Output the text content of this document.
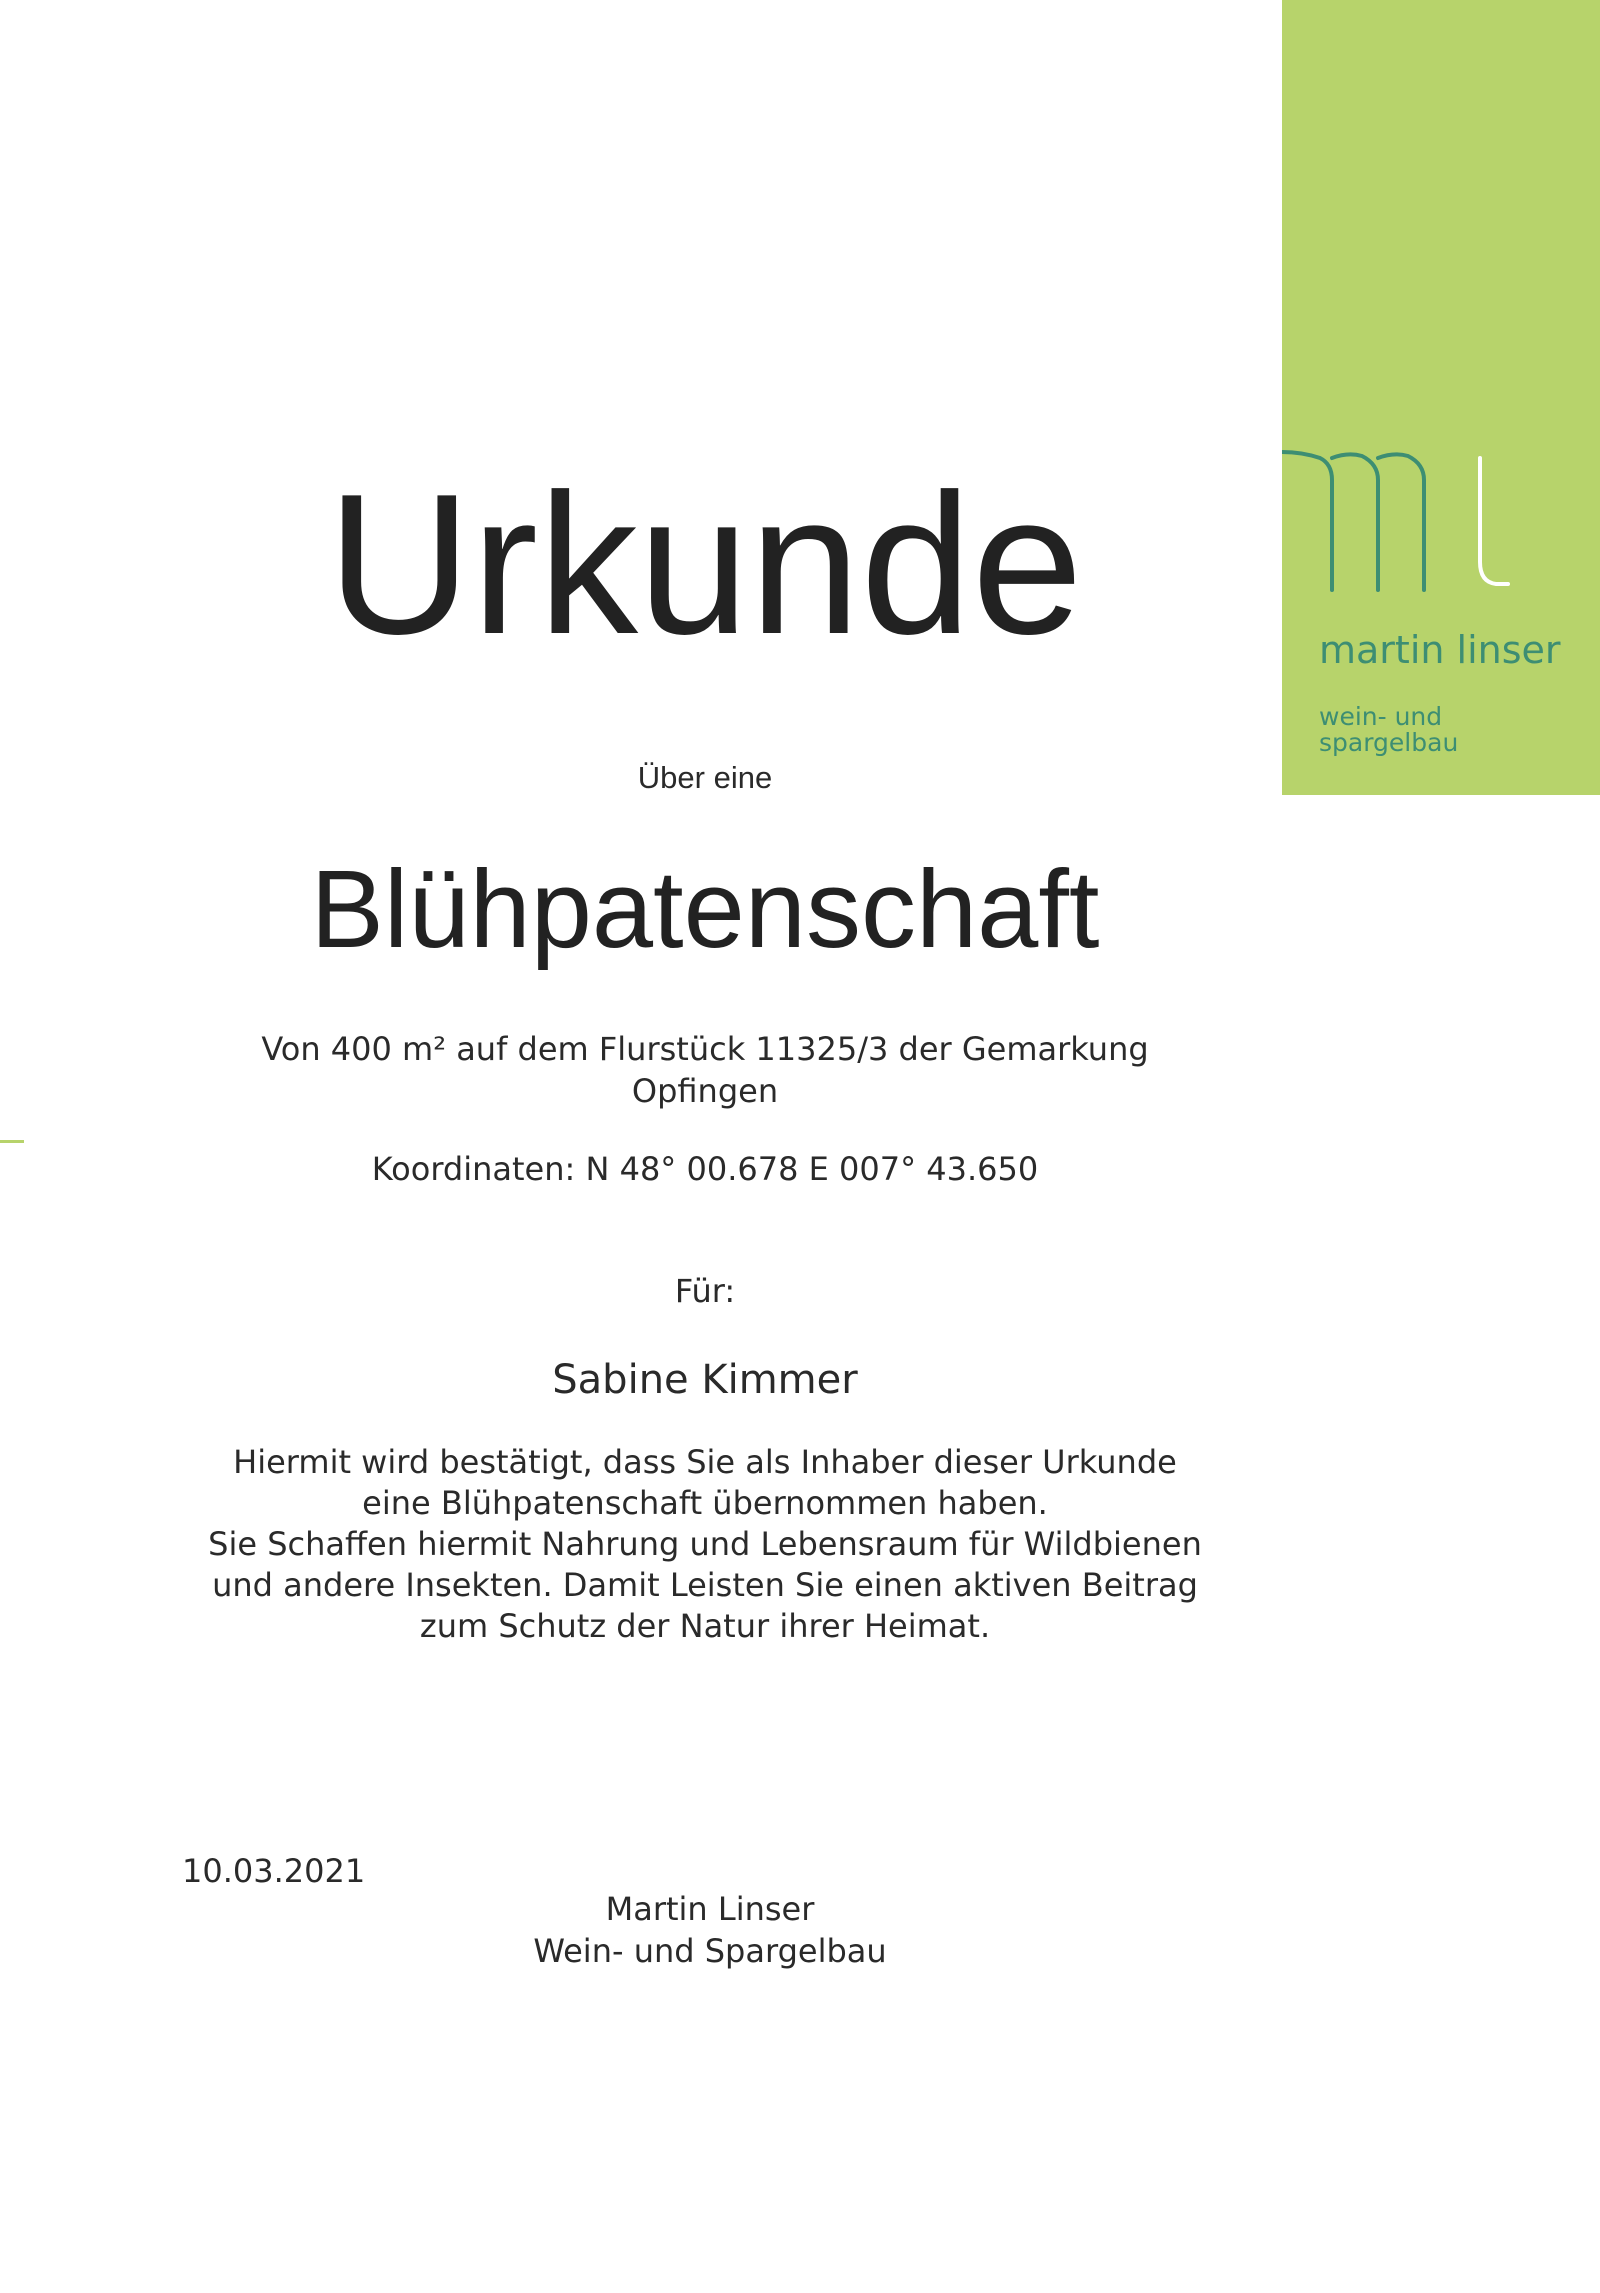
martin linser
wein- und
spargelbau
Urkunde
Über eine
Blühpatenschaft
Von 400 m² auf dem Flurstück 11325/3 der Gemarkung
Opfingen
Koordinaten: N 48° 00.678 E 007° 43.650
Für:
Sabine Kimmer
Hiermit wird bestätigt, dass Sie als Inhaber dieser Urkunde
eine Blühpatenschaft übernommen haben.
Sie Schaffen hiermit Nahrung und Lebensraum für Wildbienen
und andere Insekten. Damit Leisten Sie einen aktiven Beitrag
zum Schutz der Natur ihrer Heimat.
10.03.2021
Martin Linser
Wein- und Spargelbau
